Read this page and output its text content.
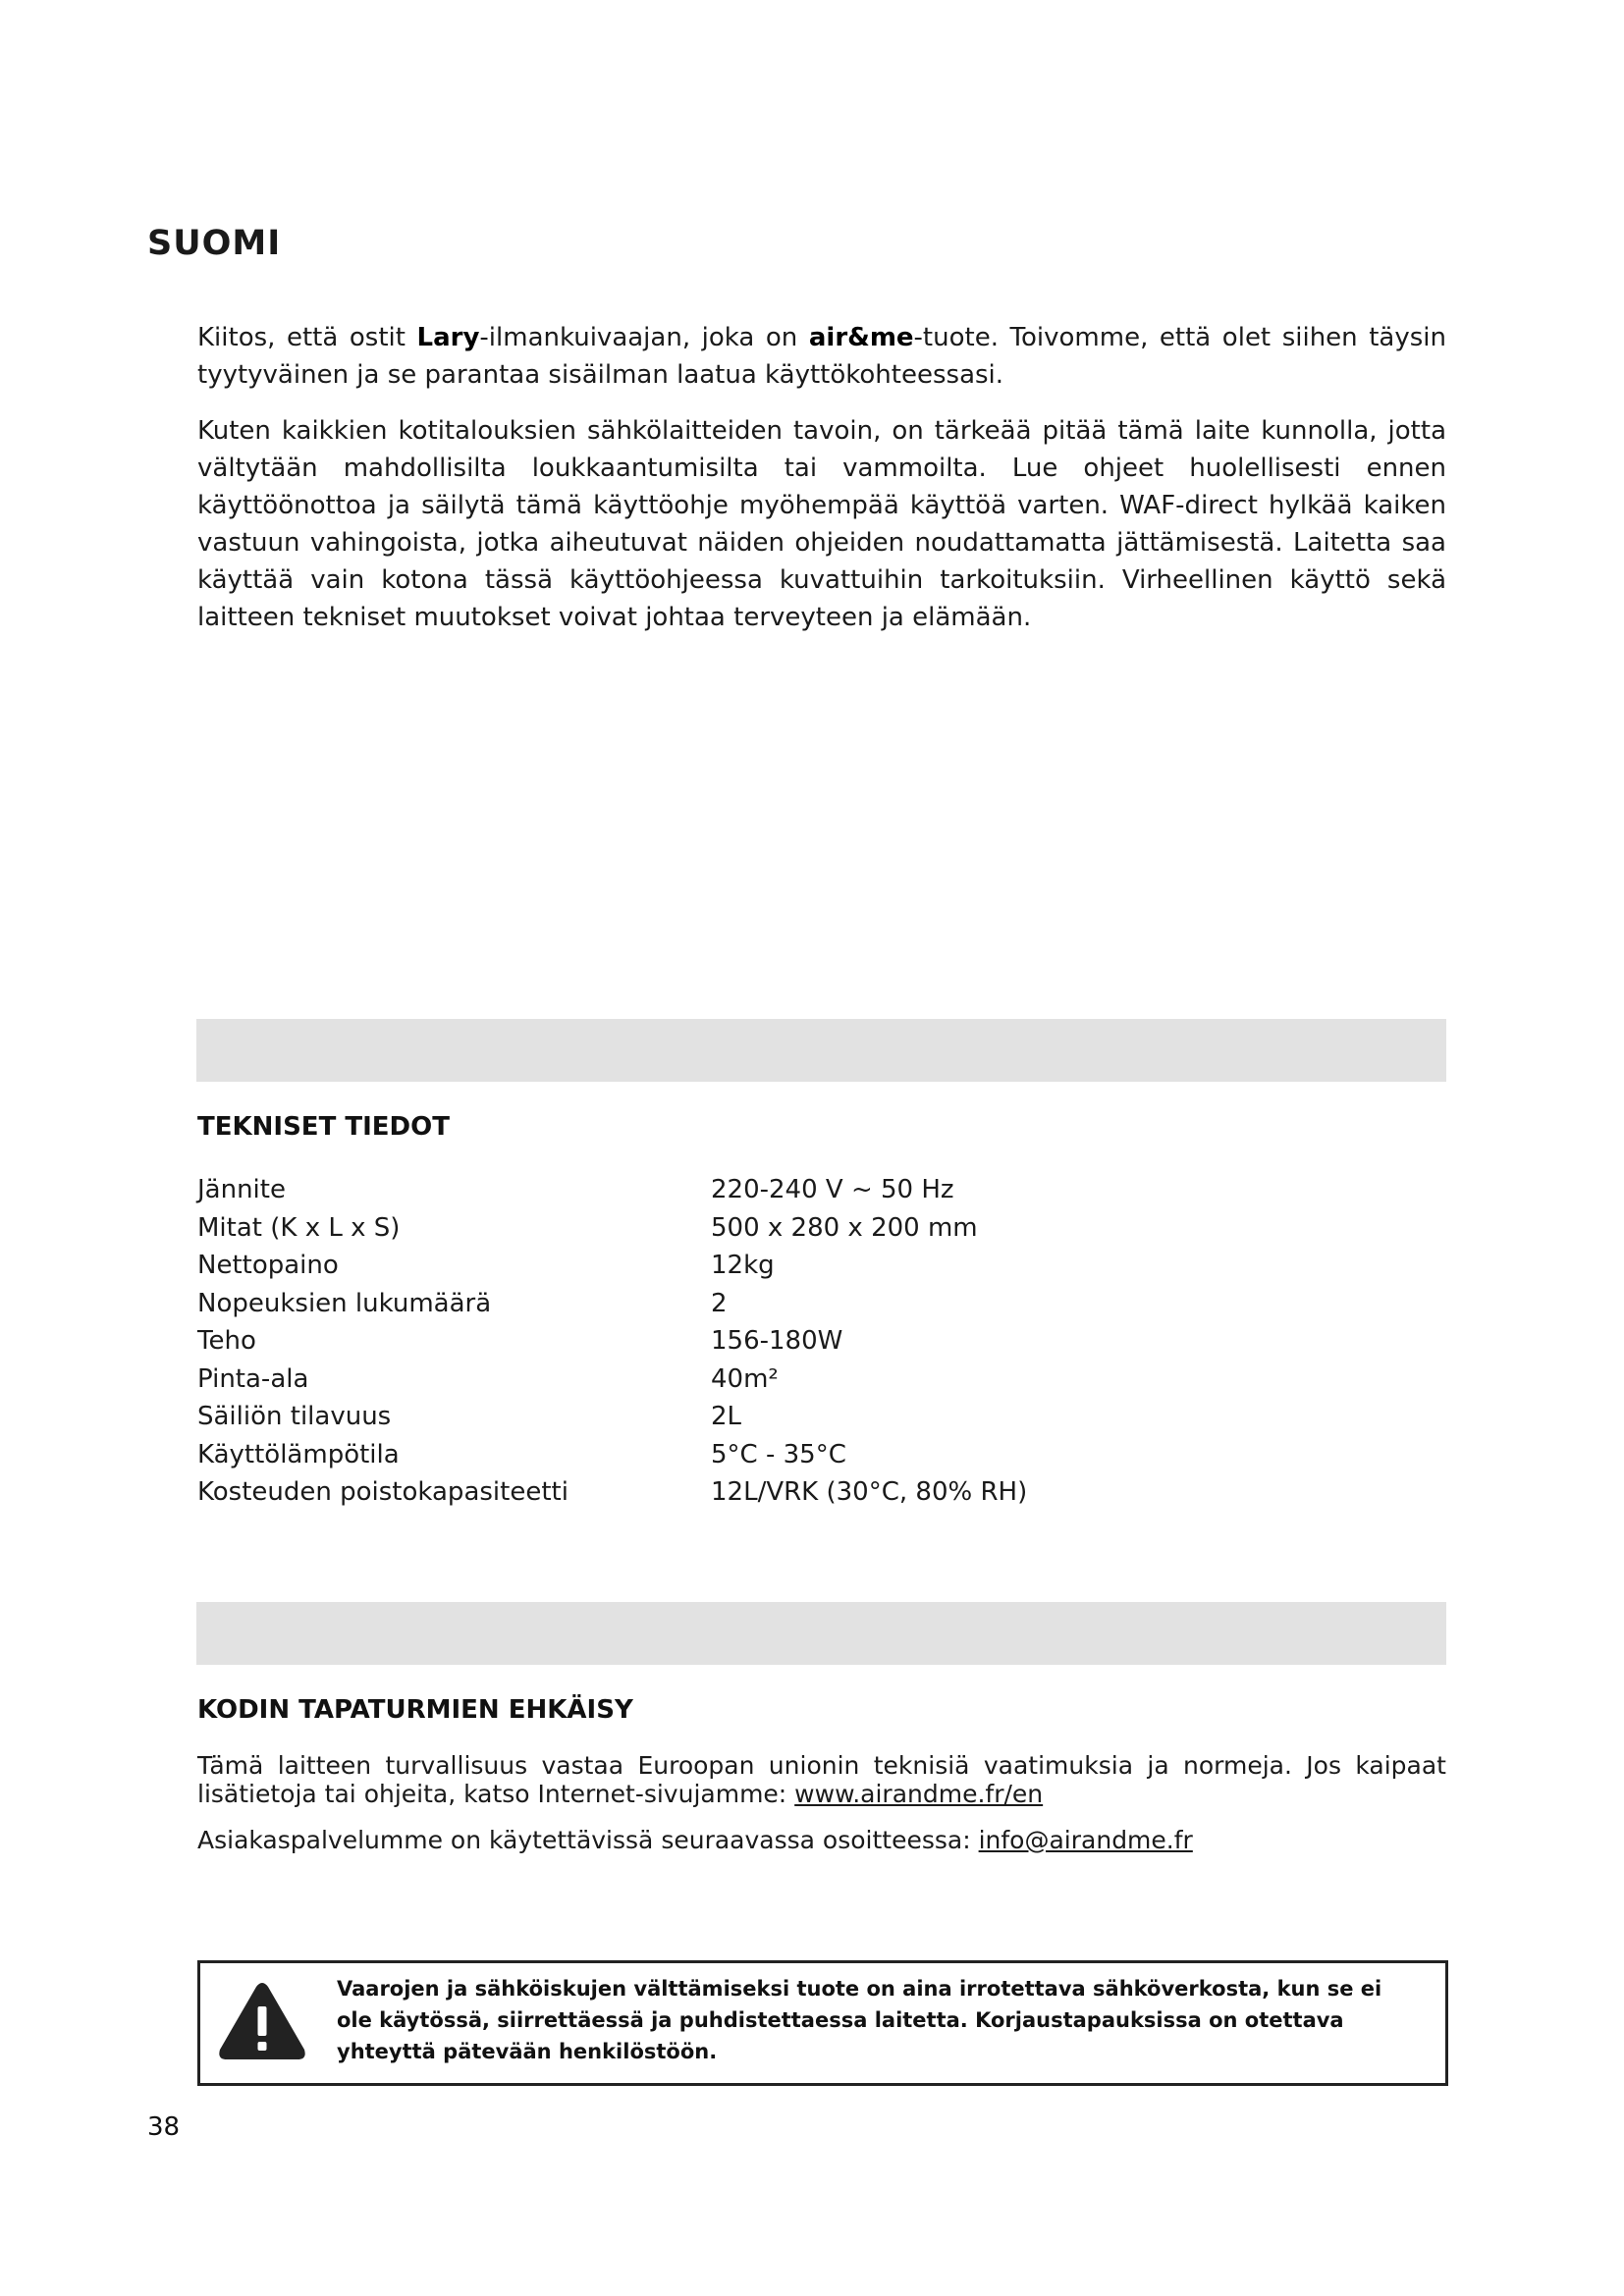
SUOMI

Kiitos, että ostit Lary-ilmankuivaajan, joka on air&me-tuote. Toivomme, että olet siihen täysin tyytyväinen ja se parantaa sisäilman laatua käyttökohteessasi.

Kuten kaikkien kotitalouksien sähkölaitteiden tavoin, on tärkeää pitää tämä laite kunnolla, jotta vältytään mahdollisilta loukkaantumisilta tai vammoilta. Lue ohjeet huolellisesti ennen käyttöönottoa ja säilytä tämä käyttöohje myöhempää käyttöä varten. WAF-direct hylkää kaiken vastuun vahingoista, jotka aiheutuvat näiden ohjeiden noudattamatta jättämisestä. Laitetta saa käyttää vain kotona tässä käyttöohjeessa kuvattuihin tarkoituksiin. Virheellinen käyttö sekä laitteen tekniset muutokset voivat johtaa terveyteen ja elämään.

TEKNISET TIEDOT
Jännite	220-240 V ~ 50 Hz
Mitat (K x L x S)	500 x 280 x 200 mm
Nettopaino	12kg
Nopeuksien lukumäärä	2
Teho	156-180W
Pinta-ala	40m²
Säiliön tilavuus	2L
Käyttölämpötila	5°C - 35°C
Kosteuden poistokapasiteetti	12L/VRK (30°C, 80% RH)
KODIN TAPATURMIEN EHKÄISY

Tämä laitteen turvallisuus vastaa Euroopan unionin teknisiä vaatimuksia ja normeja. Jos kaipaat lisätietoja tai ohjeita, katso Internet-sivujamme: www.airandme.fr/en

Asiakaspalvelumme on käytettävissä seuraavassa osoitteessa: info@airandme.fr

Vaarojen ja sähköiskujen välttämiseksi tuote on aina irrotettava sähköverkosta, kun se ei ole käytössä, siirrettäessä ja puhdistettaessa laitetta. Korjaustapauksissa on otettava yhteyttä pätevään henkilöstöön.

38
